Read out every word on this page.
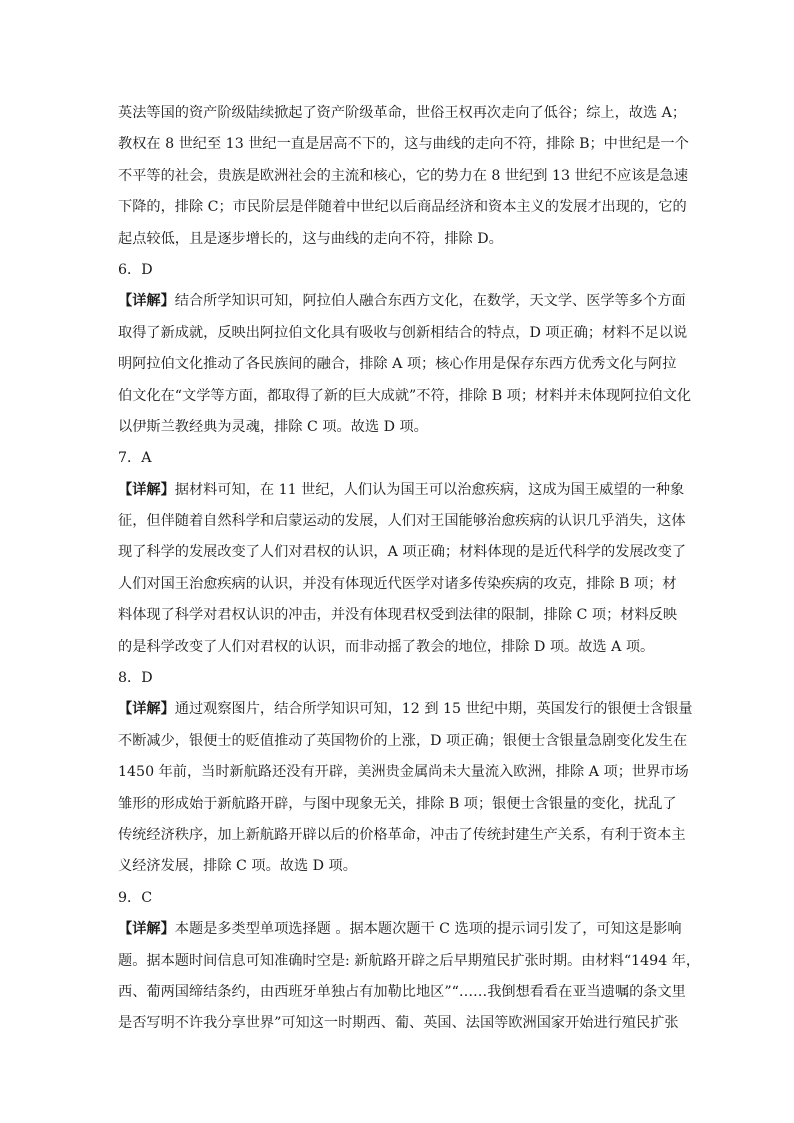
英法等国的资产阶级陆续掀起了资产阶级革命，世俗王权再次走向了低谷；综上，故选 A；
教权在 8 世纪至 13 世纪一直是居高不下的，这与曲线的走向不符，排除 B；中世纪是一个
不平等的社会，贵族是欧洲社会的主流和核心，它的势力在 8 世纪到 13 世纪不应该是急速
下降的，排除 C；市民阶层是伴随着中世纪以后商品经济和资本主义的发展才出现的，它的
起点较低，且是逐步增长的，这与曲线的走向不符，排除 D。
6．D
【详解】结合所学知识可知，阿拉伯人融合东西方文化，在数学，天文学、医学等多个方面
取得了新成就，反映出阿拉伯文化具有吸收与创新相结合的特点，D 项正确；材料不足以说
明阿拉伯文化推动了各民族间的融合，排除 A 项；核心作用是保存东西方优秀文化与阿拉
伯文化在“文学等方面，都取得了新的巨大成就”不符，排除 B 项；材料并未体现阿拉伯文化
以伊斯兰教经典为灵魂，排除 C 项。故选 D 项。
7．A
【详解】据材料可知，在 11 世纪，人们认为国王可以治愈疾病，这成为国王威望的一种象
征，但伴随着自然科学和启蒙运动的发展，人们对王国能够治愈疾病的认识几乎消失，这体
现了科学的发展改变了人们对君权的认识，A 项正确；材料体现的是近代科学的发展改变了
人们对国王治愈疾病的认识，并没有体现近代医学对诸多传染疾病的攻克，排除 B 项；材
料体现了科学对君权认识的冲击，并没有体现君权受到法律的限制，排除 C 项；材料反映
的是科学改变了人们对君权的认识，而非动摇了教会的地位，排除 D 项。故选 A 项。
8．D
【详解】通过观察图片，结合所学知识可知，12 到 15 世纪中期，英国发行的银便士含银量
不断减少，银便士的贬值推动了英国物价的上涨，D 项正确；银便士含银量急剧变化发生在
1450 年前，当时新航路还没有开辟，美洲贵金属尚未大量流入欧洲，排除 A 项；世界市场
雏形的形成始于新航路开辟，与图中现象无关，排除 B 项；银便士含银量的变化，扰乱了
传统经济秩序，加上新航路开辟以后的价格革命，冲击了传统封建生产关系，有利于资本主
义经济发展，排除 C 项。故选 D 项。
9．C
【详解】本题是多类型单项选择题 。据本题次题干 C 选项的提示词引发了，可知这是影响
题。据本题时间信息可知准确时空是: 新航路开辟之后早期殖民扩张时期。由材料“1494 年，
西、葡两国缔结条约，由西班牙单独占有加勒比地区”“……我倒想看看在亚当遗嘱的条文里
是否写明不许我分享世界”可知这一时期西、葡、英国、法国等欧洲国家开始进行殖民扩张
